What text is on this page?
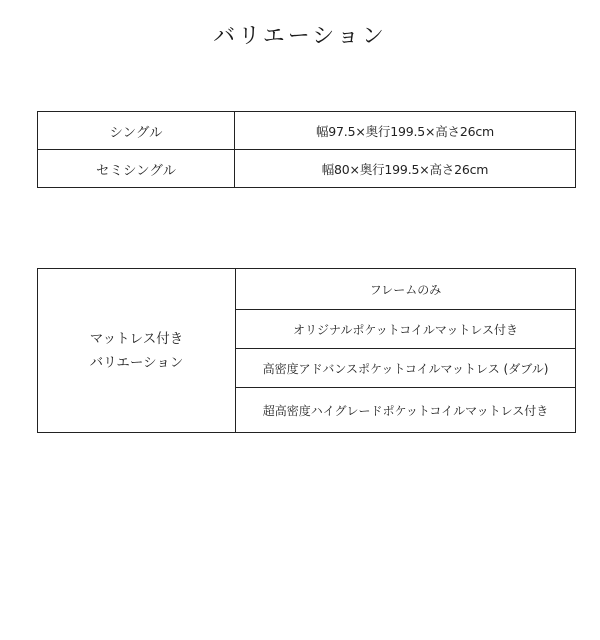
バリエーション
シングル	幅97.5×奥行199.5×高さ26cm
セミシングル	幅80×奥行199.5×高さ26cm
マットレス付き
バリエーション
	フレームのみ
オリジナルポケットコイルマットレス付き
高密度アドバンスポケットコイルマットレス (ダブル)
超高密度ハイグレードポケットコイルマットレス付き
